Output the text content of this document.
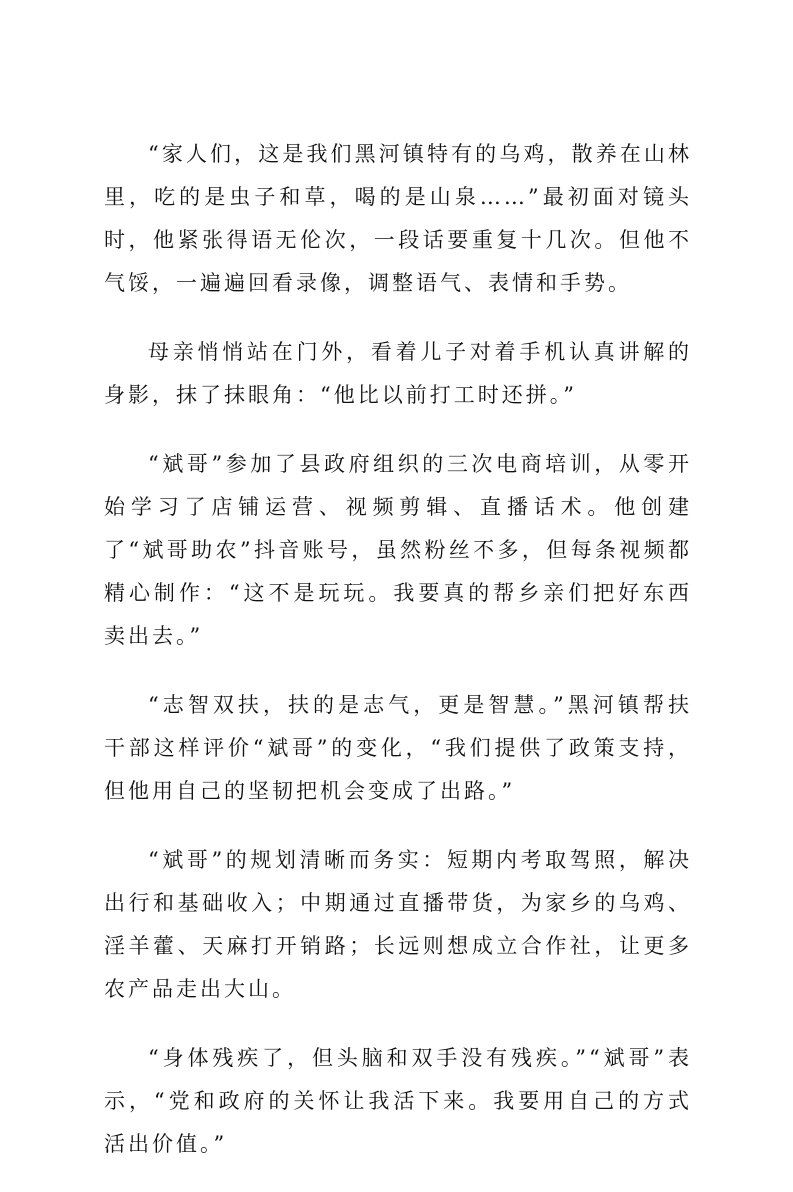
“家人们，这是我们黑河镇特有的乌鸡，散养在山林里，吃的是虫子和草，喝的是山泉……”最初面对镜头时，他紧张得语无伦次，一段话要重复十几次。但他不气馁，一遍遍回看录像，调整语气、表情和手势。

母亲悄悄站在门外，看着儿子对着手机认真讲解的身影，抹了抹眼角：“他比以前打工时还拼。”

“斌哥”参加了县政府组织的三次电商培训，从零开始学习了店铺运营、视频剪辑、直播话术。他创建了“斌哥助农”抖音账号，虽然粉丝不多，但每条视频都精心制作：“这不是玩玩。我要真的帮乡亲们把好东西卖出去。”

“志智双扶，扶的是志气，更是智慧。”黑河镇帮扶干部这样评价“斌哥”的变化，“我们提供了政策支持，但他用自己的坚韧把机会变成了出路。”

“斌哥”的规划清晰而务实：短期内考取驾照，解决出行和基础收入；中期通过直播带货，为家乡的乌鸡、淫羊藿、天麻打开销路；长远则想成立合作社，让更多农产品走出大山。

“身体残疾了，但头脑和双手没有残疾。”“斌哥”表示，“党和政府的关怀让我活下来。我要用自己的方式活出价值。”
